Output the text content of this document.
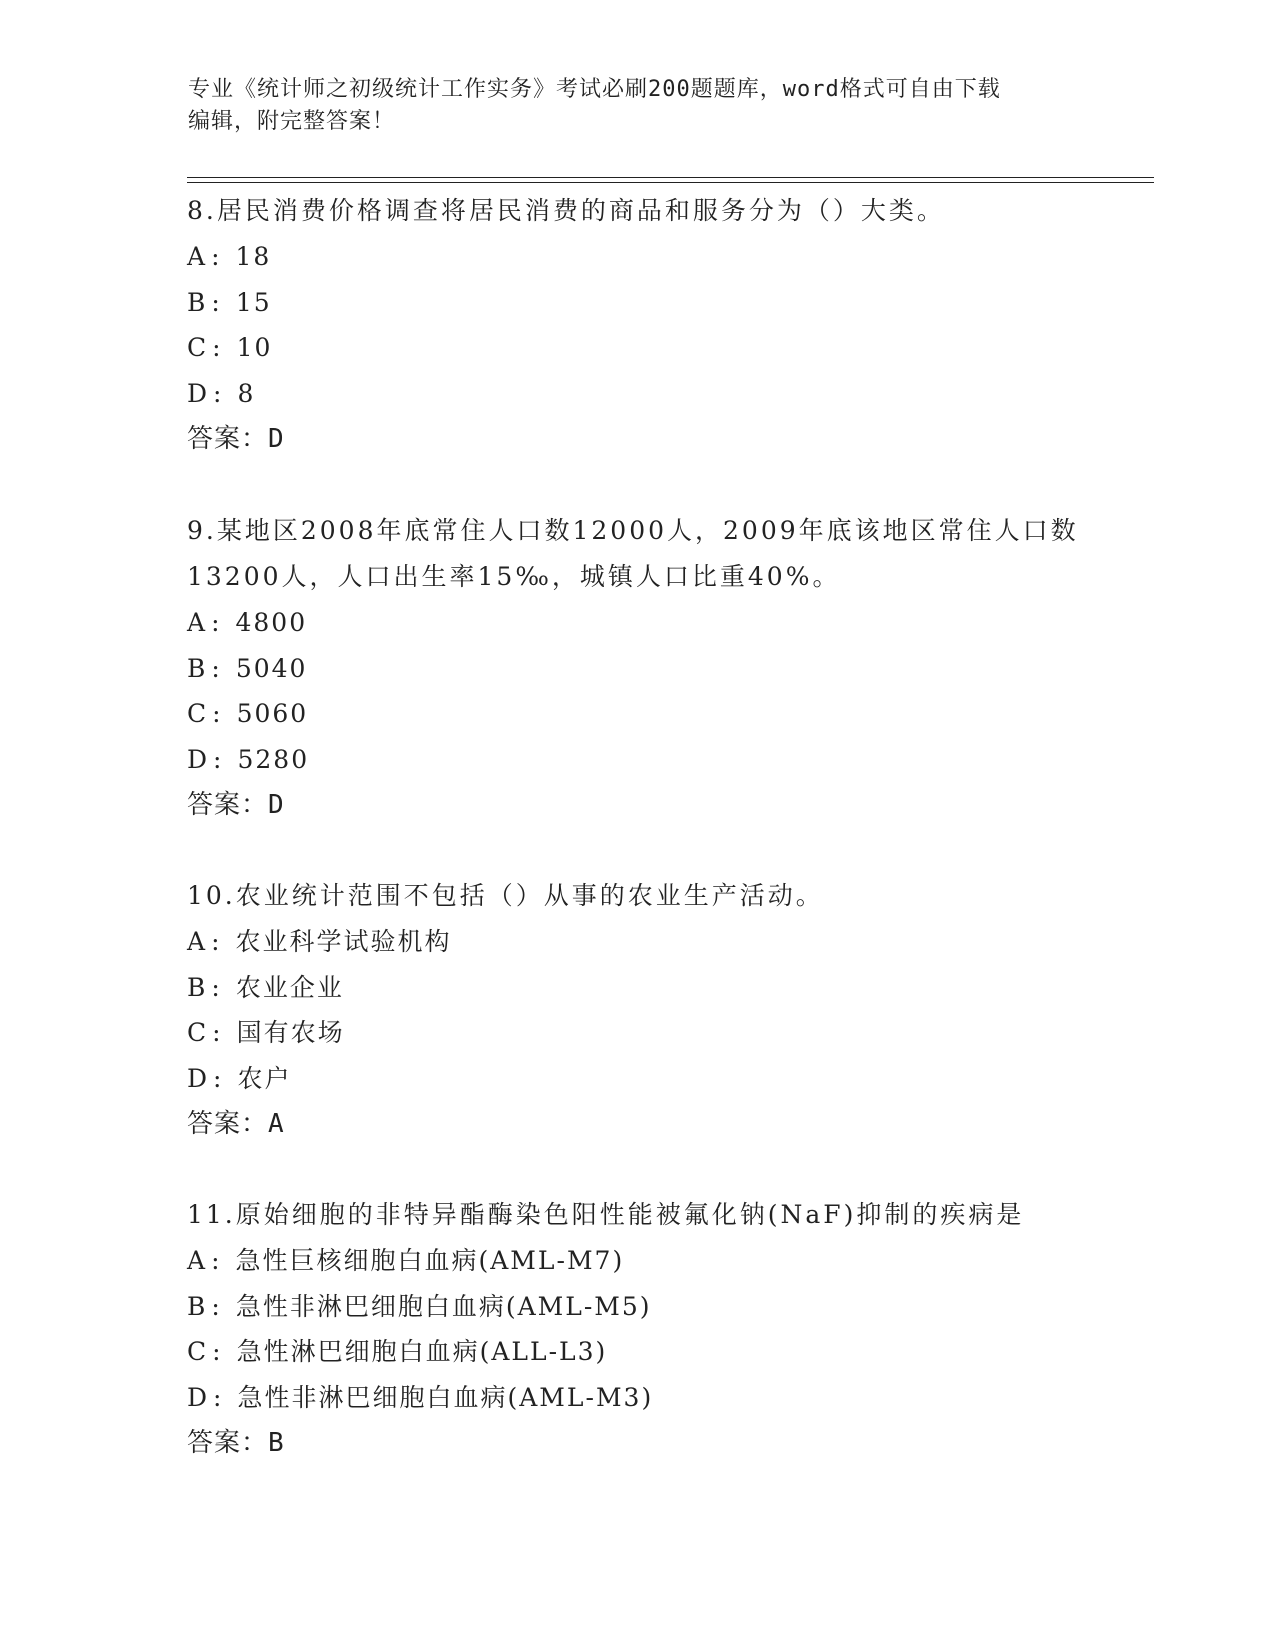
专业《统计师之初级统计工作实务》考试必刷200题题库，word格式可自由下载
编辑，附完整答案！
8.居民消费价格调查将居民消费的商品和服务分为（）大类。
A : 18
B : 15
C : 10
D : 8
答案：D
9.某地区2008年底常住人口数12000人，2009年底该地区常住人口数
13200人，人口出生率15‰，城镇人口比重40%。
A : 4800
B : 5040
C : 5060
D : 5280
答案：D
10.农业统计范围不包括（）从事的农业生产活动。
A : 农业科学试验机构
B : 农业企业
C : 国有农场
D : 农户
答案：A
11.原始细胞的非特异酯酶染色阳性能被氟化钠(NaF)抑制的疾病是
A : 急性巨核细胞白血病(AML-M7)
B : 急性非淋巴细胞白血病(AML-M5)
C : 急性淋巴细胞白血病(ALL-L3)
D : 急性非淋巴细胞白血病(AML-M3)
答案：B
